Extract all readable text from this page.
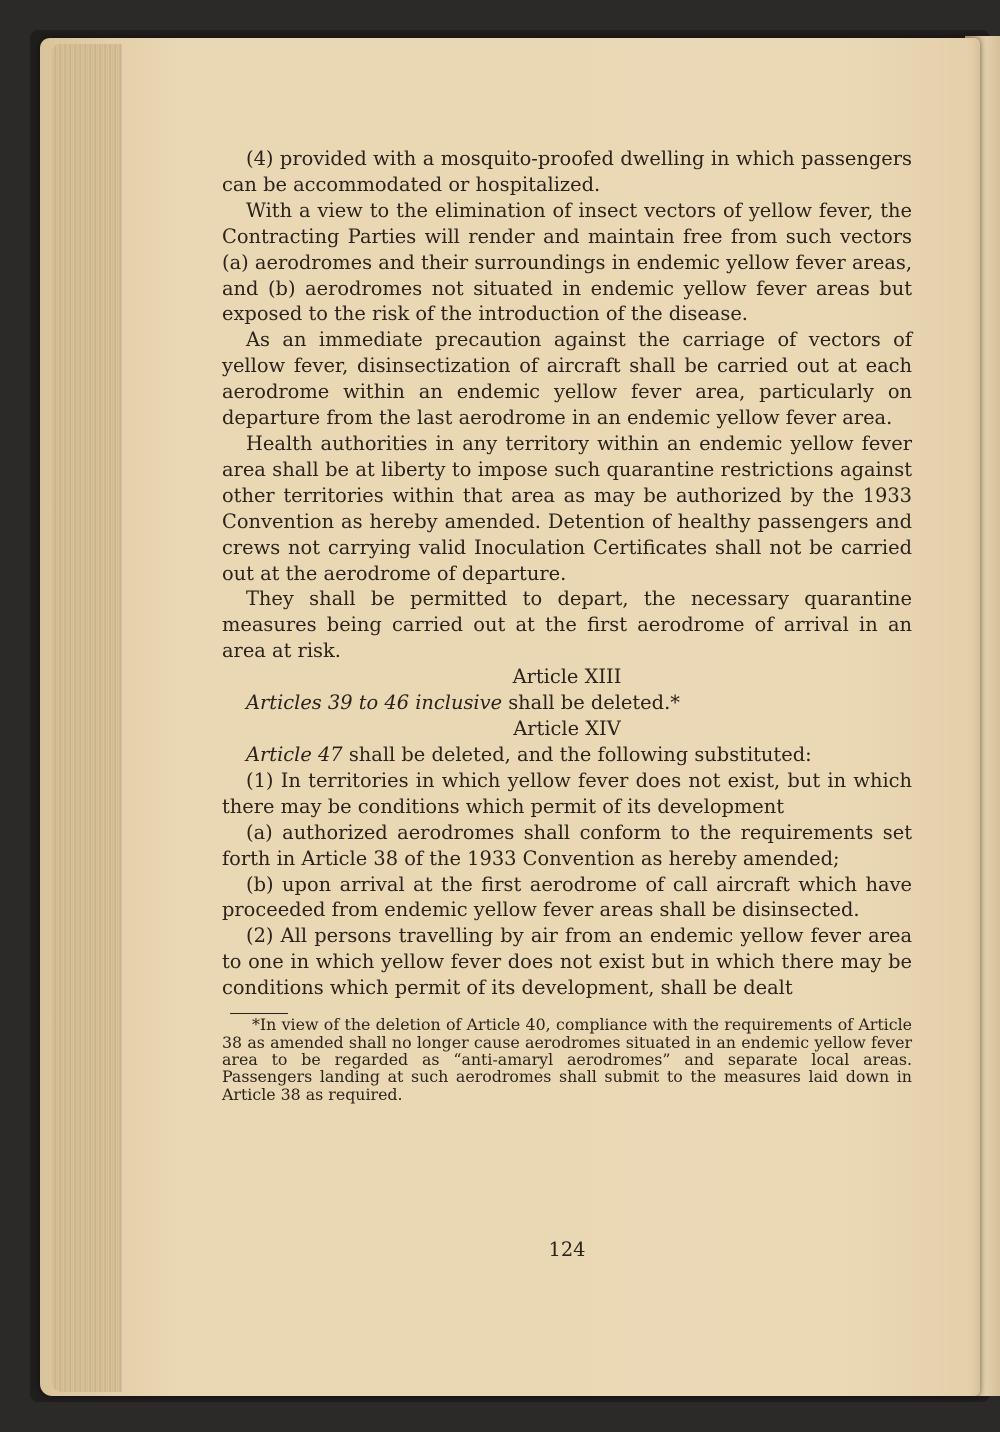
(4) provided with a mosquito-proofed dwelling in which passengers can be accommodated or hospitalized.

With a view to the elimination of insect vectors of yellow fever, the Contracting Parties will render and maintain free from such vectors (a) aerodromes and their surroundings in endemic yellow fever areas, and (b) aerodromes not situated in endemic yellow fever areas but exposed to the risk of the introduction of the disease.

As an immediate precaution against the carriage of vectors of yellow fever, disinsectization of aircraft shall be carried out at each aerodrome within an endemic yellow fever area, particularly on departure from the last aerodrome in an endemic yellow fever area.

Health authorities in any territory within an endemic yellow fever area shall be at liberty to impose such quarantine restrictions against other territories within that area as may be authorized by the 1933 Convention as hereby amended. Detention of healthy passengers and crews not carrying valid Inoculation Certificates shall not be carried out at the aerodrome of departure.

They shall be permitted to depart, the necessary quarantine measures being carried out at the first aerodrome of arrival in an area at risk.

Article XIII

Articles 39 to 46 inclusive shall be deleted.*

Article XIV

Article 47 shall be deleted, and the following substituted:

(1) In territories in which yellow fever does not exist, but in which there may be conditions which permit of its development

(a) authorized aerodromes shall conform to the requirements set forth in Article 38 of the 1933 Convention as hereby amended;

(b) upon arrival at the first aerodrome of call aircraft which have proceeded from endemic yellow fever areas shall be disinsected.

(2) All persons travelling by air from an endemic yellow fever area to one in which yellow fever does not exist but in which there may be conditions which permit of its development, shall be dealt

*In view of the deletion of Article 40, compliance with the requirements of Article 38 as amended shall no longer cause aerodromes situated in an endemic yellow fever area to be regarded as “anti-amaryl aerodromes” and separate local areas. Passengers landing at such aerodromes shall submit to the measures laid down in Article 38 as required.

124
